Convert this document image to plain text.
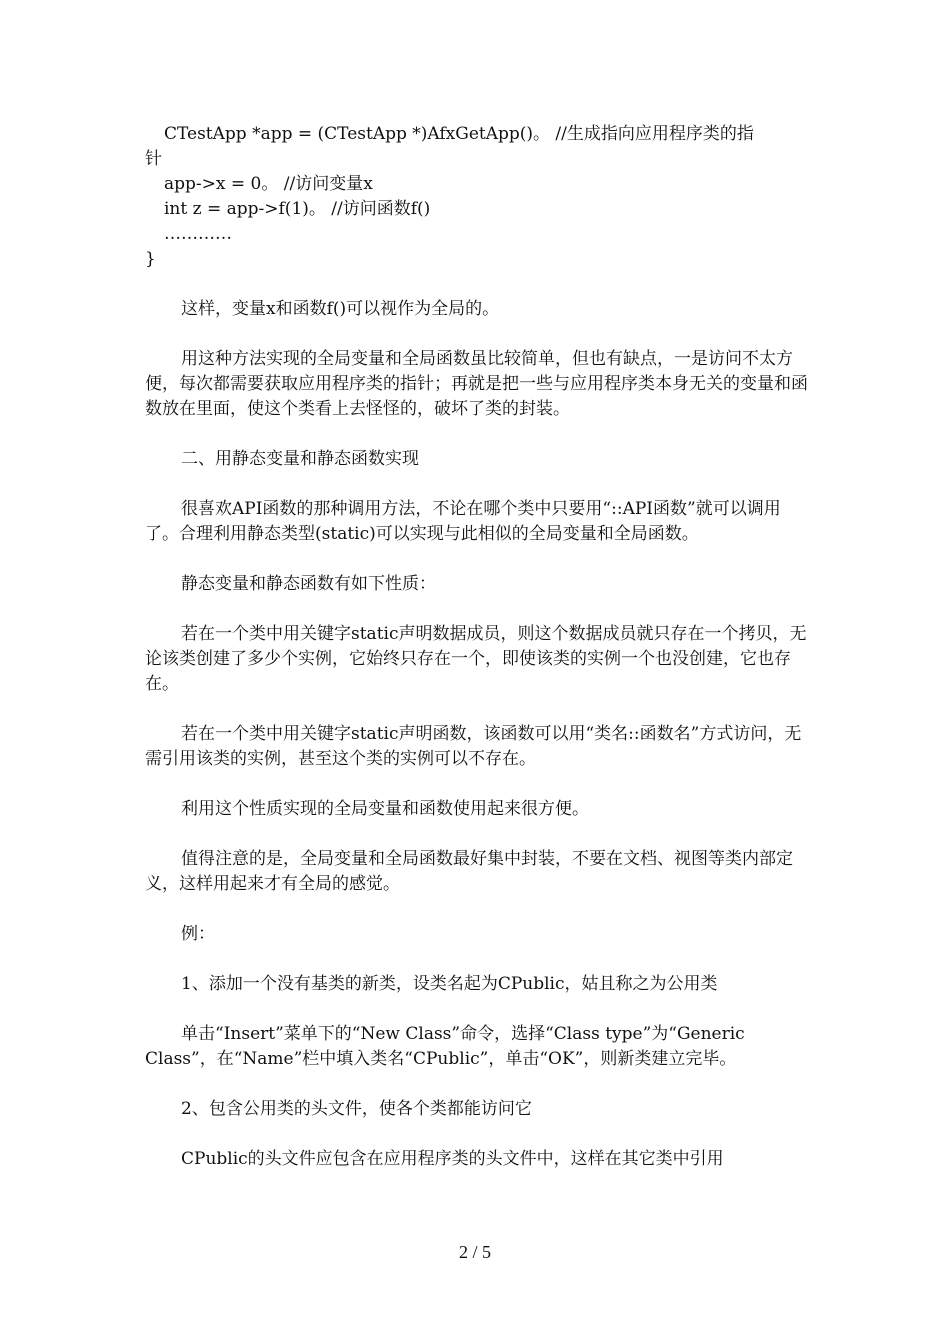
CTestApp *app = (CTestApp *)AfxGetApp()。 //生成指向应用程序类的指

针

app->x = 0。 //访问变量x

int z = app->f(1)。 //访问函数f()

…………

}

这样，变量x和函数f()可以视作为全局的。

用这种方法实现的全局变量和全局函数虽比较简单，但也有缺点，一是访问不太方便，每次都需要获取应用程序类的指针；再就是把一些与应用程序类本身无关的变量和函数放在里面，使这个类看上去怪怪的，破坏了类的封装。

二、用静态变量和静态函数实现

很喜欢API函数的那种调用方法，不论在哪个类中只要用“::API函数”就可以调用了。合理利用静态类型(static)可以实现与此相似的全局变量和全局函数。

静态变量和静态函数有如下性质：

若在一个类中用关键字static声明数据成员，则这个数据成员就只存在一个拷贝，无论该类创建了多少个实例，它始终只存在一个，即使该类的实例一个也没创建，它也存在。

若在一个类中用关键字static声明函数，该函数可以用“类名::函数名”方式访问，无需引用该类的实例，甚至这个类的实例可以不存在。

利用这个性质实现的全局变量和函数使用起来很方便。

值得注意的是，全局变量和全局函数最好集中封装，不要在文档、视图等类内部定义，这样用起来才有全局的感觉。

例：

1、添加一个没有基类的新类，设类名起为CPublic，姑且称之为公用类

单击“Insert”菜单下的“New Class”命令，选择“Class type”为“Generic Class”，在“Name”栏中填入类名“CPublic”，单击“OK”，则新类建立完毕。

2、包含公用类的头文件，使各个类都能访问它

CPublic的头文件应包含在应用程序类的头文件中，这样在其它类中引用

2 / 5
